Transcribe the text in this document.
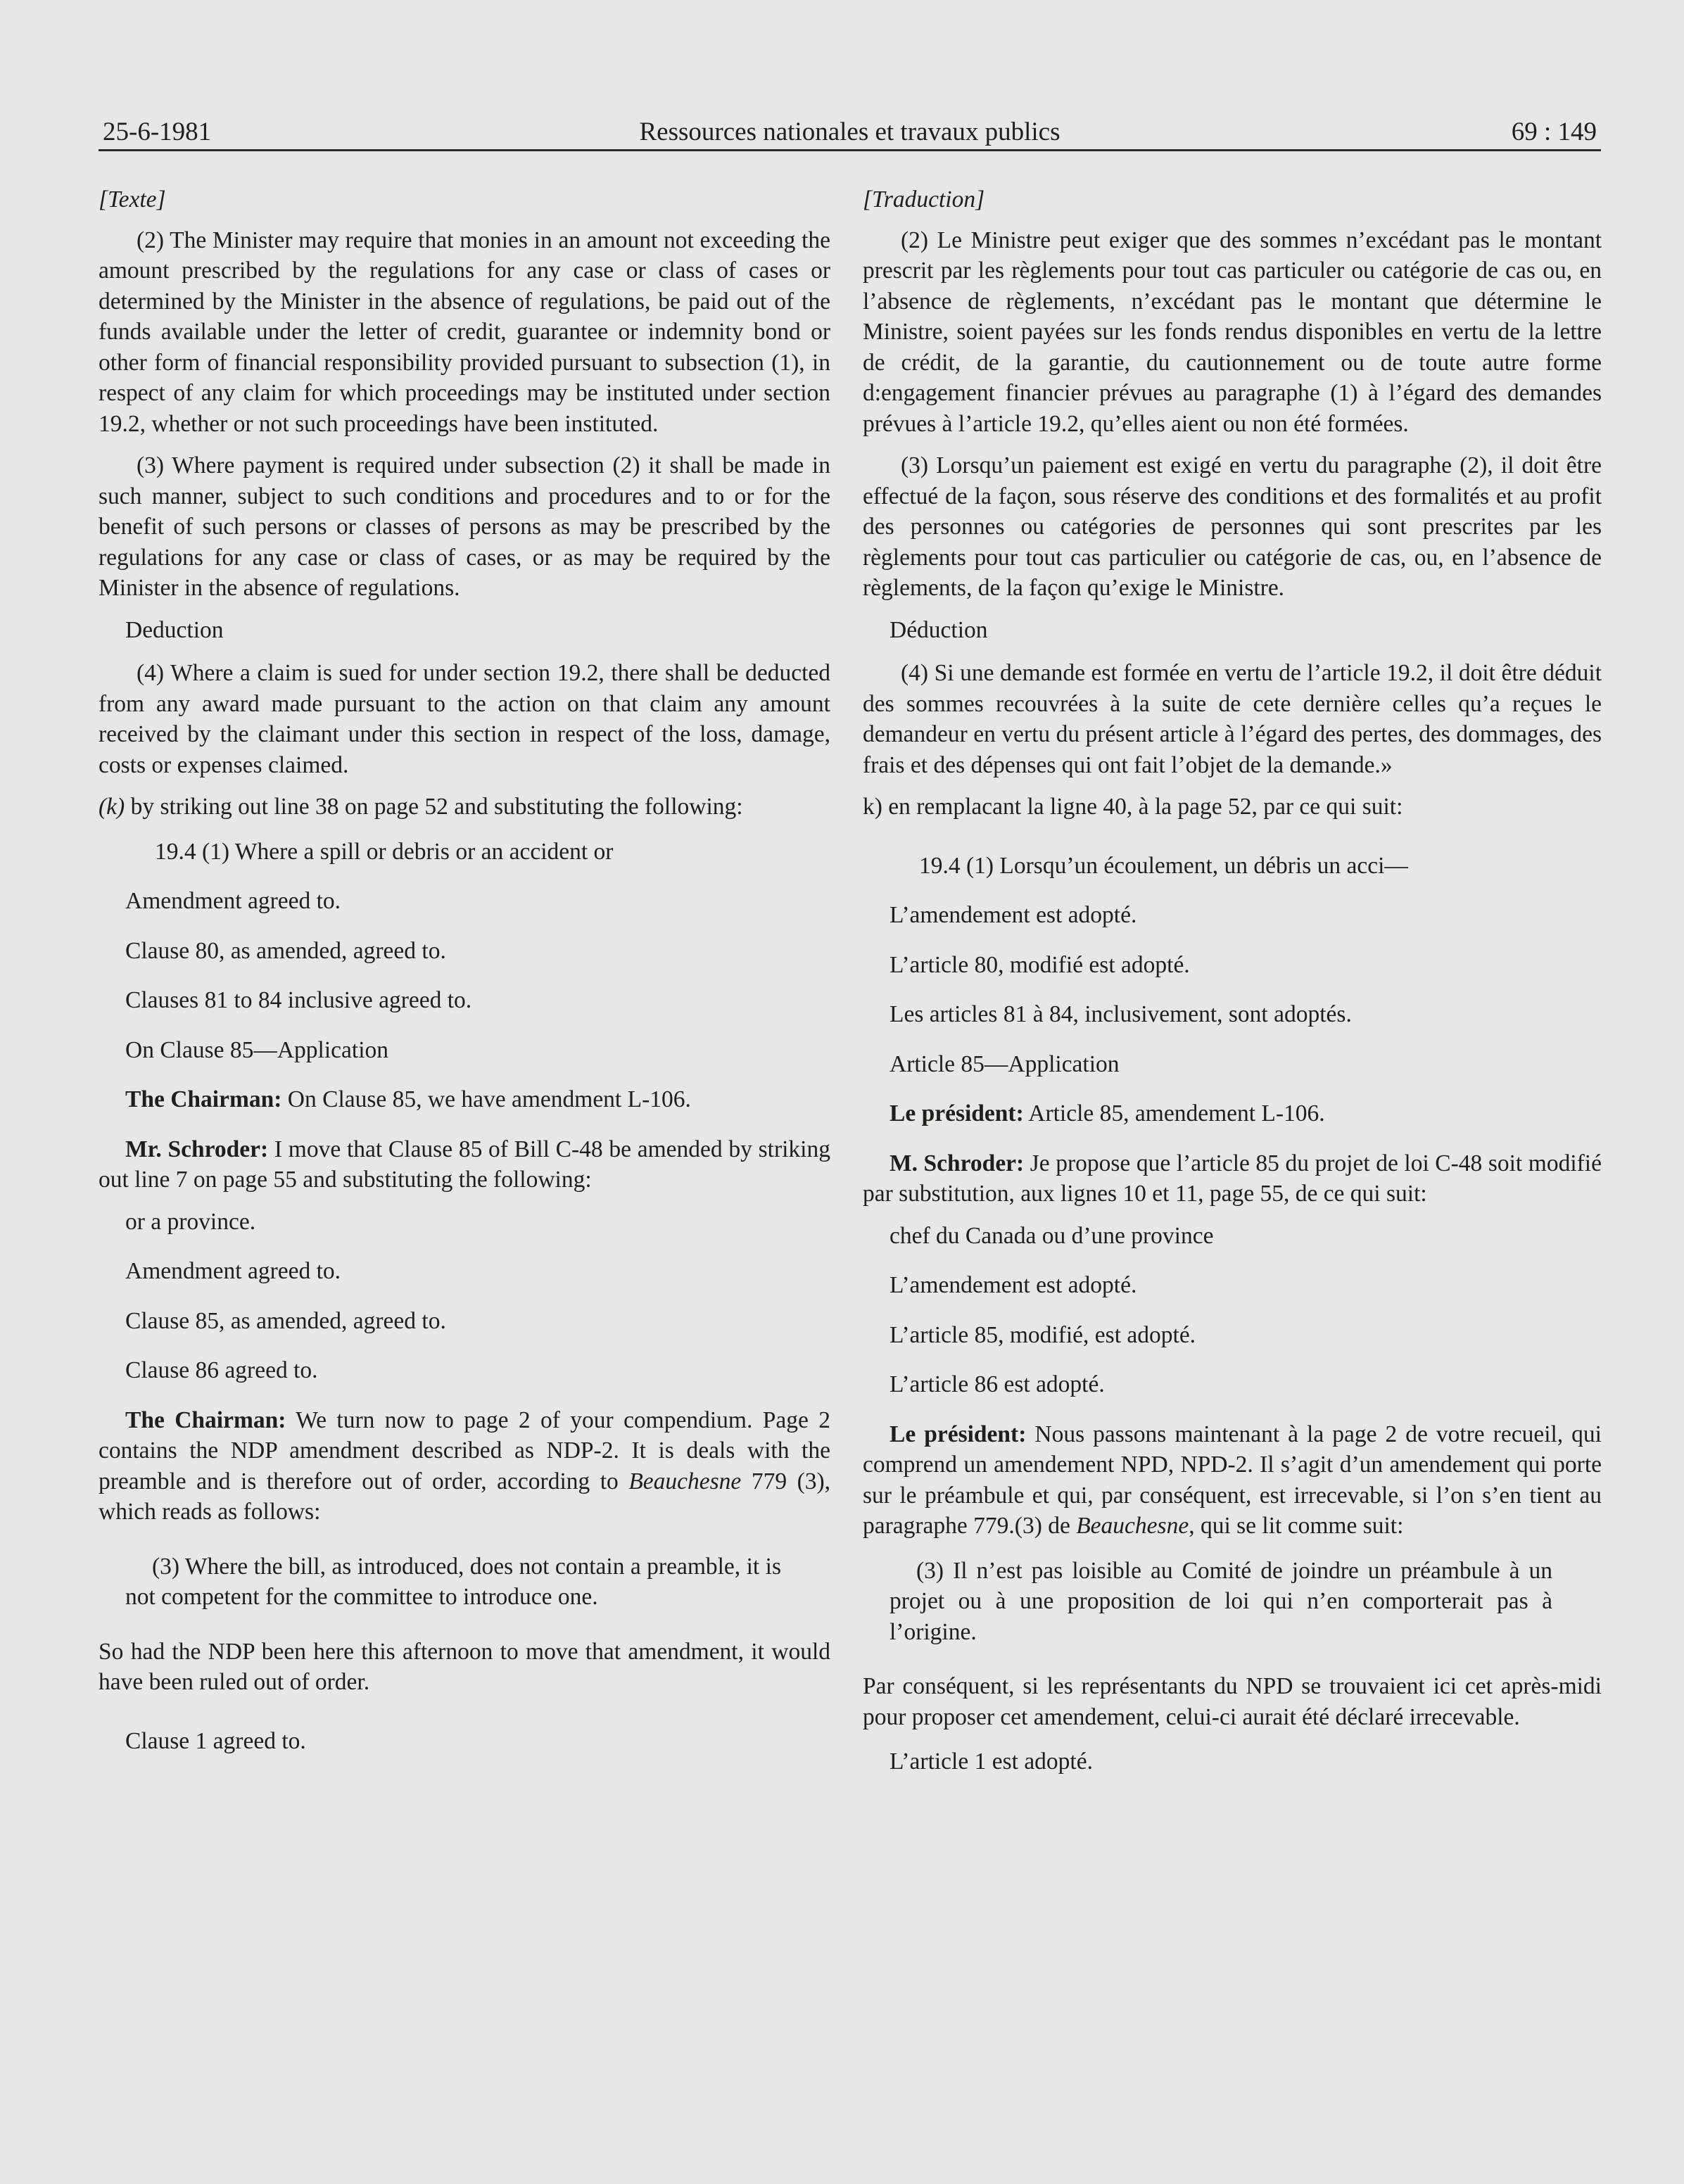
25-6-1981	Ressources nationales et travaux publics	69 : 149

[Texte]

(2) The Minister may require that monies in an amount not exceeding the amount prescribed by the regulations for any case or class of cases or determined by the Minister in the absence of regulations, be paid out of the funds available under the letter of credit, guarantee or indemnity bond or other form of financial responsibility provided pursuant to subsection (1), in respect of any claim for which proceedings may be instituted under section 19.2, whether or not such proceedings have been instituted.

(3) Where payment is required under subsection (2) it shall be made in such manner, subject to such conditions and procedures and to or for the benefit of such persons or classes of persons as may be prescribed by the regulations for any case or class of cases, or as may be required by the Minister in the absence of regulations.

Deduction

(4) Where a claim is sued for under section 19.2, there shall be deducted from any award made pursuant to the action on that claim any amount received by the claimant under this section in respect of the loss, damage, costs or expenses claimed.

(k) by striking out line 38 on page 52 and substituting the following:

19.4 (1) Where a spill or debris or an accident or

Amendment agreed to.

Clause 80, as amended, agreed to.

Clauses 81 to 84 inclusive agreed to.

On Clause 85—Application

The Chairman: On Clause 85, we have amendment L-106.

Mr. Schroder: I move that Clause 85 of Bill C-48 be amended by striking out line 7 on page 55 and substituting the following:

or a province.

Amendment agreed to.

Clause 85, as amended, agreed to.

Clause 86 agreed to.

The Chairman: We turn now to page 2 of your compendium. Page 2 contains the NDP amendment described as NDP-2. It is deals with the preamble and is therefore out of order, according to Beauchesne 779 (3), which reads as follows:

(3) Where the bill, as introduced, does not contain a preamble, it is not competent for the committee to introduce one.

So had the NDP been here this afternoon to move that amendment, it would have been ruled out of order.

Clause 1 agreed to.

[Traduction]

(2) Le Ministre peut exiger que des sommes n’excédant pas le montant prescrit par les règlements pour tout cas particuler ou catégorie de cas ou, en l’absence de règlements, n’excédant pas le montant que détermine le Ministre, soient payées sur les fonds rendus disponibles en vertu de la lettre de crédit, de la garantie, du cautionnement ou de toute autre forme d:engagement financier prévues au paragraphe (1) à l’égard des demandes prévues à l’article 19.2, qu’elles aient ou non été formées.

(3) Lorsqu’un paiement est exigé en vertu du paragraphe (2), il doit être effectué de la façon, sous réserve des conditions et des formalités et au profit des personnes ou catégories de personnes qui sont prescrites par les règlements pour tout cas particulier ou catégorie de cas, ou, en l’absence de règlements, de la façon qu’exige le Ministre.

Déduction

(4) Si une demande est formée en vertu de l’article 19.2, il doit être déduit des sommes recouvrées à la suite de cete dernière celles qu’a reçues le demandeur en vertu du présent article à l’égard des pertes, des dommages, des frais et des dépenses qui ont fait l’objet de la demande.»

k) en remplacant la ligne 40, à la page 52, par ce qui suit:

19.4 (1) Lorsqu’un écoulement, un débris un acci—

L’amendement est adopté.

L’article 80, modifié est adopté.

Les articles 81 à 84, inclusivement, sont adoptés.

Article 85—Application

Le président: Article 85, amendement L-106.

M. Schroder: Je propose que l’article 85 du projet de loi C-48 soit modifié par substitution, aux lignes 10 et 11, page 55, de ce qui suit:

chef du Canada ou d’une province

L’amendement est adopté.

L’article 85, modifié, est adopté.

L’article 86 est adopté.

Le président: Nous passons maintenant à la page 2 de votre recueil, qui comprend un amendement NPD, NPD-2. Il s’agit d’un amendement qui porte sur le préambule et qui, par conséquent, est irrecevable, si l’on s’en tient au paragraphe 779.(3) de Beauchesne, qui se lit comme suit:

(3) Il n’est pas loisible au Comité de joindre un préambule à un projet ou à une proposition de loi qui n’en comporterait pas à l’origine.

Par conséquent, si les représentants du NPD se trouvaient ici cet après-midi pour proposer cet amendement, celui-ci aurait été déclaré irrecevable.

L’article 1 est adopté.
